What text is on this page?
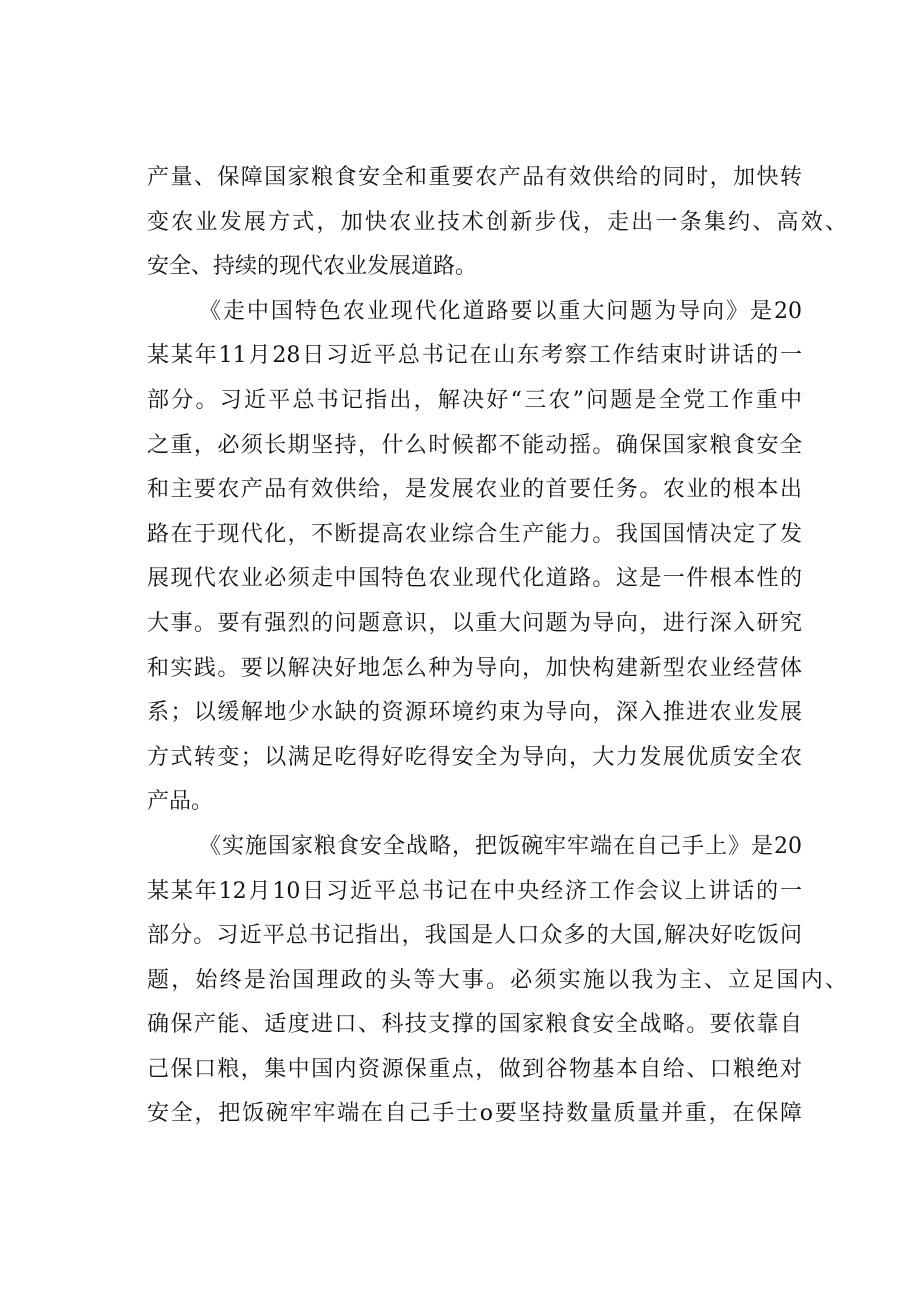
产量、保障国家粮食安全和重要农产品有效供给的同时，加快转
变农业发展方式，加快农业技术创新步伐，走出一条集约、高效、
安全、持续的现代农业发展道路。
《走中国特色农业现代化道路要以重大问题为导向》是20
某某年11月28日习近平总书记在山东考察工作结束时讲话的一
部分。习近平总书记指出，解决好“三农”问题是全党工作重中
之重，必须长期坚持，什么时候都不能动摇。确保国家粮食安全
和主要农产品有效供给，是发展农业的首要任务。农业的根本出
路在于现代化，不断提高农业综合生产能力。我国国情决定了发
展现代农业必须走中国特色农业现代化道路。这是一件根本性的
大事。要有强烈的问题意识，以重大问题为导向，进行深入研究
和实践。要以解决好地怎么种为导向，加快构建新型农业经营体
系；以缓解地少水缺的资源环境约束为导向，深入推进农业发展
方式转变；以满足吃得好吃得安全为导向，大力发展优质安全农
产品。
《实施国家粮食安全战略，把饭碗牢牢端在自己手上》是20
某某年12月10日习近平总书记在中央经济工作会议上讲话的一
部分。习近平总书记指出，我国是人口众多的大国,解决好吃饭问
题，始终是治国理政的头等大事。必须实施以我为主、立足国内、
确保产能、适度进口、科技支撑的国家粮食安全战略。要依靠自
己保口粮，集中国内资源保重点，做到谷物基本自给、口粮绝对
安全，把饭碗牢牢端在自己手士o要坚持数量质量并重，在保障
